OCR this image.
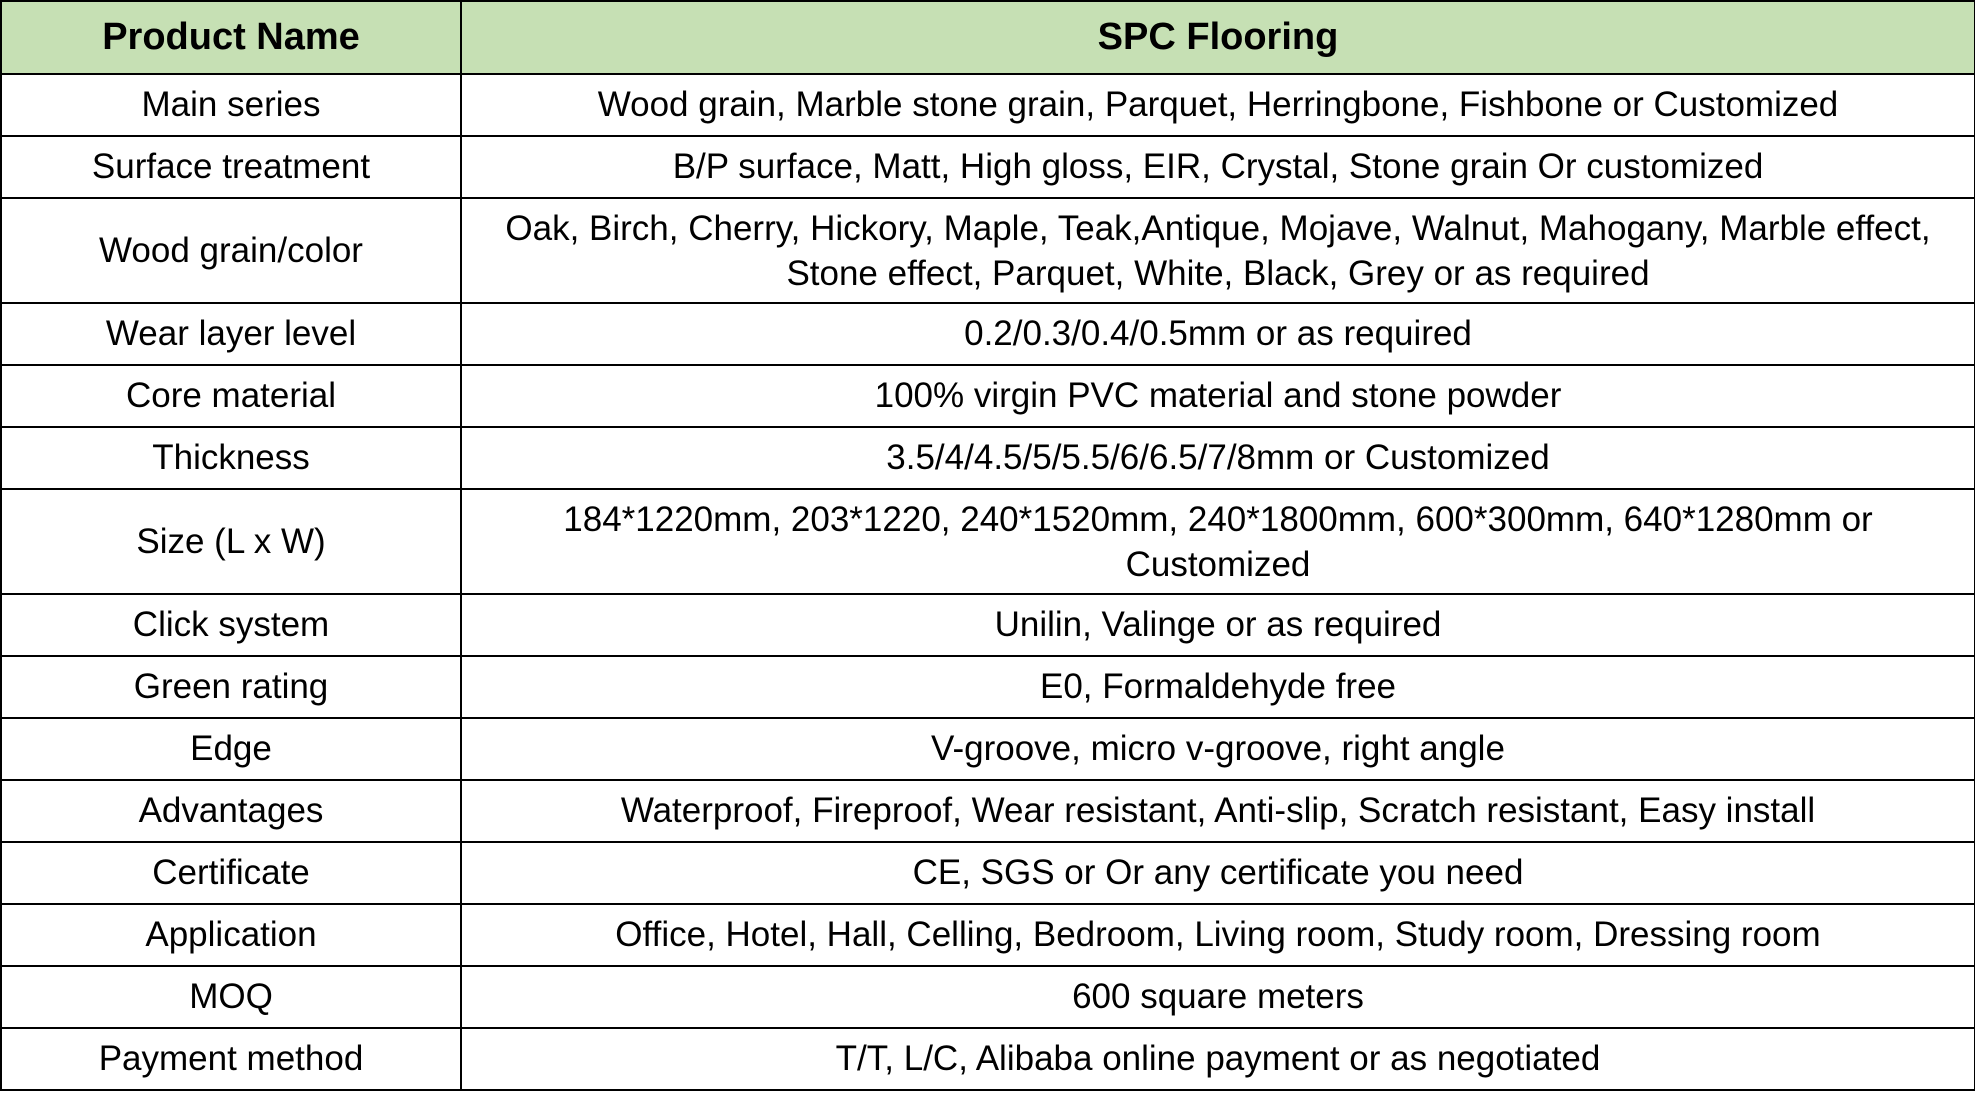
Product Name	SPC Flooring
Main series	Wood grain, Marble stone grain, Parquet, Herringbone, Fishbone or Customized
Surface treatment	B/P surface, Matt, High gloss, EIR, Crystal, Stone grain Or customized
Wood grain/color	Oak, Birch, Cherry, Hickory, Maple, Teak,Antique, Mojave, Walnut, Mahogany, Marble effect, Stone effect, Parquet, White, Black, Grey or as required
Wear layer level	0.2/0.3/0.4/0.5mm or as required
Core material	100% virgin PVC material and stone powder
Thickness	3.5/4/4.5/5/5.5/6/6.5/7/8mm or Customized
Size (L x W)	184*1220mm, 203*1220, 240*1520mm, 240*1800mm, 600*300mm, 640*1280mm or Customized
Click system	Unilin, Valinge or as required
Green rating	E0, Formaldehyde free
Edge	V-groove, micro v-groove, right angle
Advantages	Waterproof, Fireproof, Wear resistant, Anti-slip, Scratch resistant, Easy install
Certificate	CE, SGS or Or any certificate you need
Application	Office, Hotel, Hall, Celling, Bedroom, Living room, Study room, Dressing room
MOQ	600 square meters
Payment method	T/T, L/C, Alibaba online payment or as negotiated
